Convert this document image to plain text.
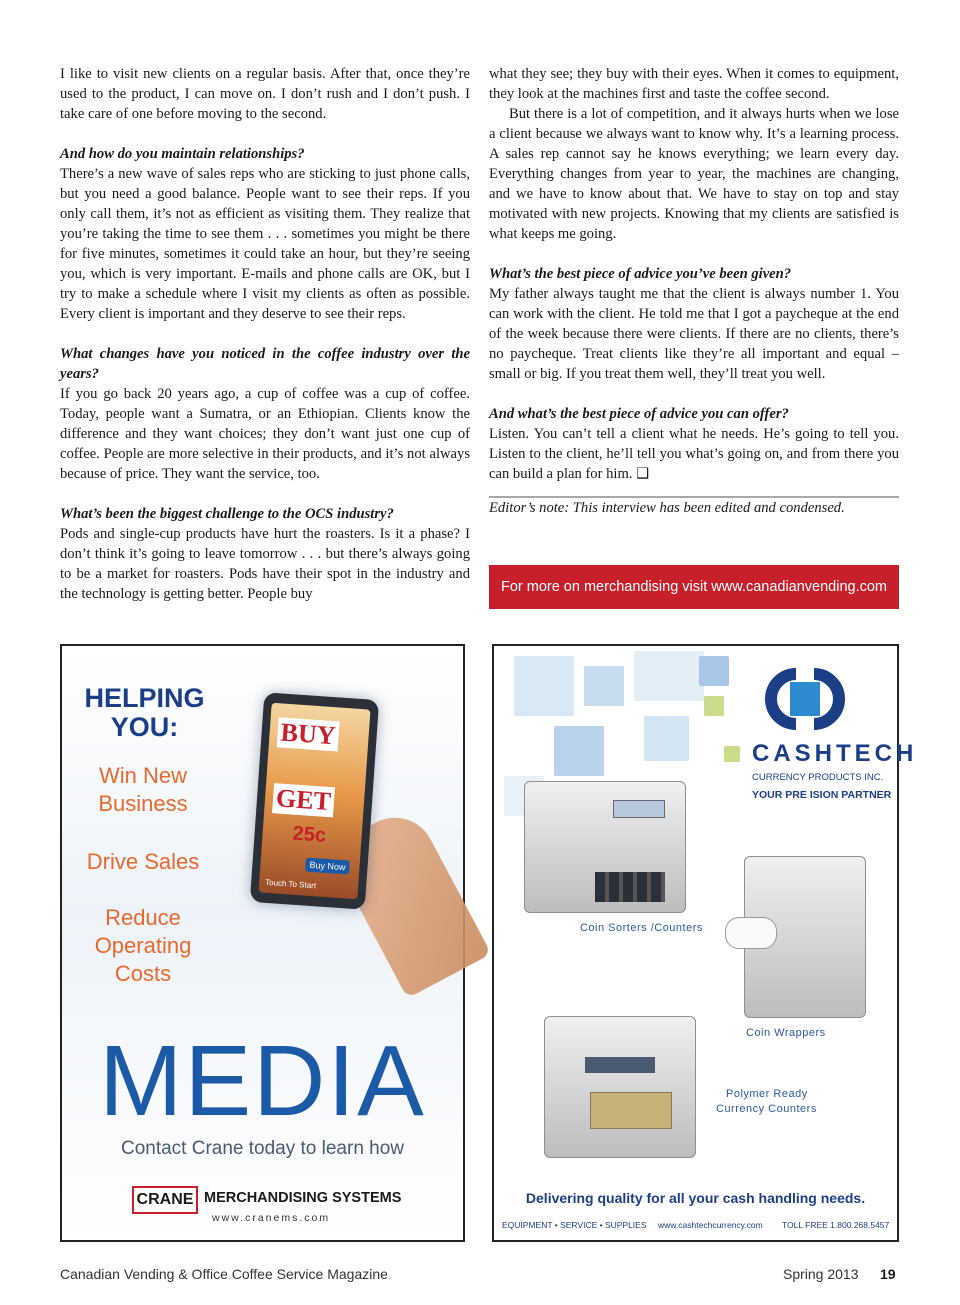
I like to visit new clients on a regular basis. After that, once they’re used to the product, I can move on. I don’t rush and I don’t push. I take care of one before moving to the second.

And how do you maintain relationships?

There’s a new wave of sales reps who are sticking to just phone calls, but you need a good balance. People want to see their reps. If you only call them, it’s not as efficient as visiting them. They realize that you’re taking the time to see them . . . sometimes you might be there for five minutes, sometimes it could take an hour, but they’re seeing you, which is very important. E-mails and phone calls are OK, but I try to make a schedule where I visit my clients as often as possible. Every client is important and they deserve to see their reps.

What changes have you noticed in the coffee industry over the years?

If you go back 20 years ago, a cup of coffee was a cup of coffee. Today, people want a Sumatra, or an Ethiopian. Clients know the difference and they want choices; they don’t want just one cup of coffee. People are more selective in their products, and it’s not always because of price. They want the service, too.

What’s been the biggest challenge to the OCS industry?

Pods and single-cup products have hurt the roasters. Is it a phase? I don’t think it’s going to leave tomorrow . . . but there’s always going to be a market for roasters. Pods have their spot in the industry and the technology is getting better. People buy

what they see; they buy with their eyes. When it comes to equipment, they look at the machines first and taste the coffee second.

But there is a lot of competition, and it always hurts when we lose a client because we always want to know why. It’s a learning process. A sales rep cannot say he knows everything; we learn every day. Everything changes from year to year, the machines are changing, and we have to know about that. We have to stay on top and stay motivated with new projects. Knowing that my clients are satisfied is what keeps me going.

What’s the best piece of advice you’ve been given?

My father always taught me that the client is always number 1. You can work with the client. He told me that I got a paycheque at the end of the week because there were clients. If there are no clients, there’s no paycheque. Treat clients like they’re all important and equal – small or big. If you treat them well, they’ll treat you well.

And what’s the best piece of advice you can offer?

Listen. You can’t tell a client what he needs. He’s going to tell you. Listen to the client, he’ll tell you what’s going on, and from there you can build a plan for him. ❑

Editor’s note: This interview has been edited and condensed.

For more on merchandising visit www.canadianvending.com
HELPING
YOU:
Win New
Business
Drive Sales
Reduce
Operating
Costs
BUY
GET
25c
Buy Now
Touch To Start
MEDIA
Contact Crane today to learn how
CRANE MERCHANDISING SYSTEMS
www.cranems.com
CASHTECH
CURRENCY PRODUCTS INC.
YOUR PRE ISION PARTNER
Coin Sorters /Counters
Coin Wrappers
Polymer Ready
Currency Counters
Delivering quality for all your cash handling needs.
EQUIPMENT • SERVICE • SUPPLIES www.cashtechcurrency.com TOLL FREE 1.800.268.5457
Canadian Vending & Office Coffee Service Magazine	Spring 2013 19
